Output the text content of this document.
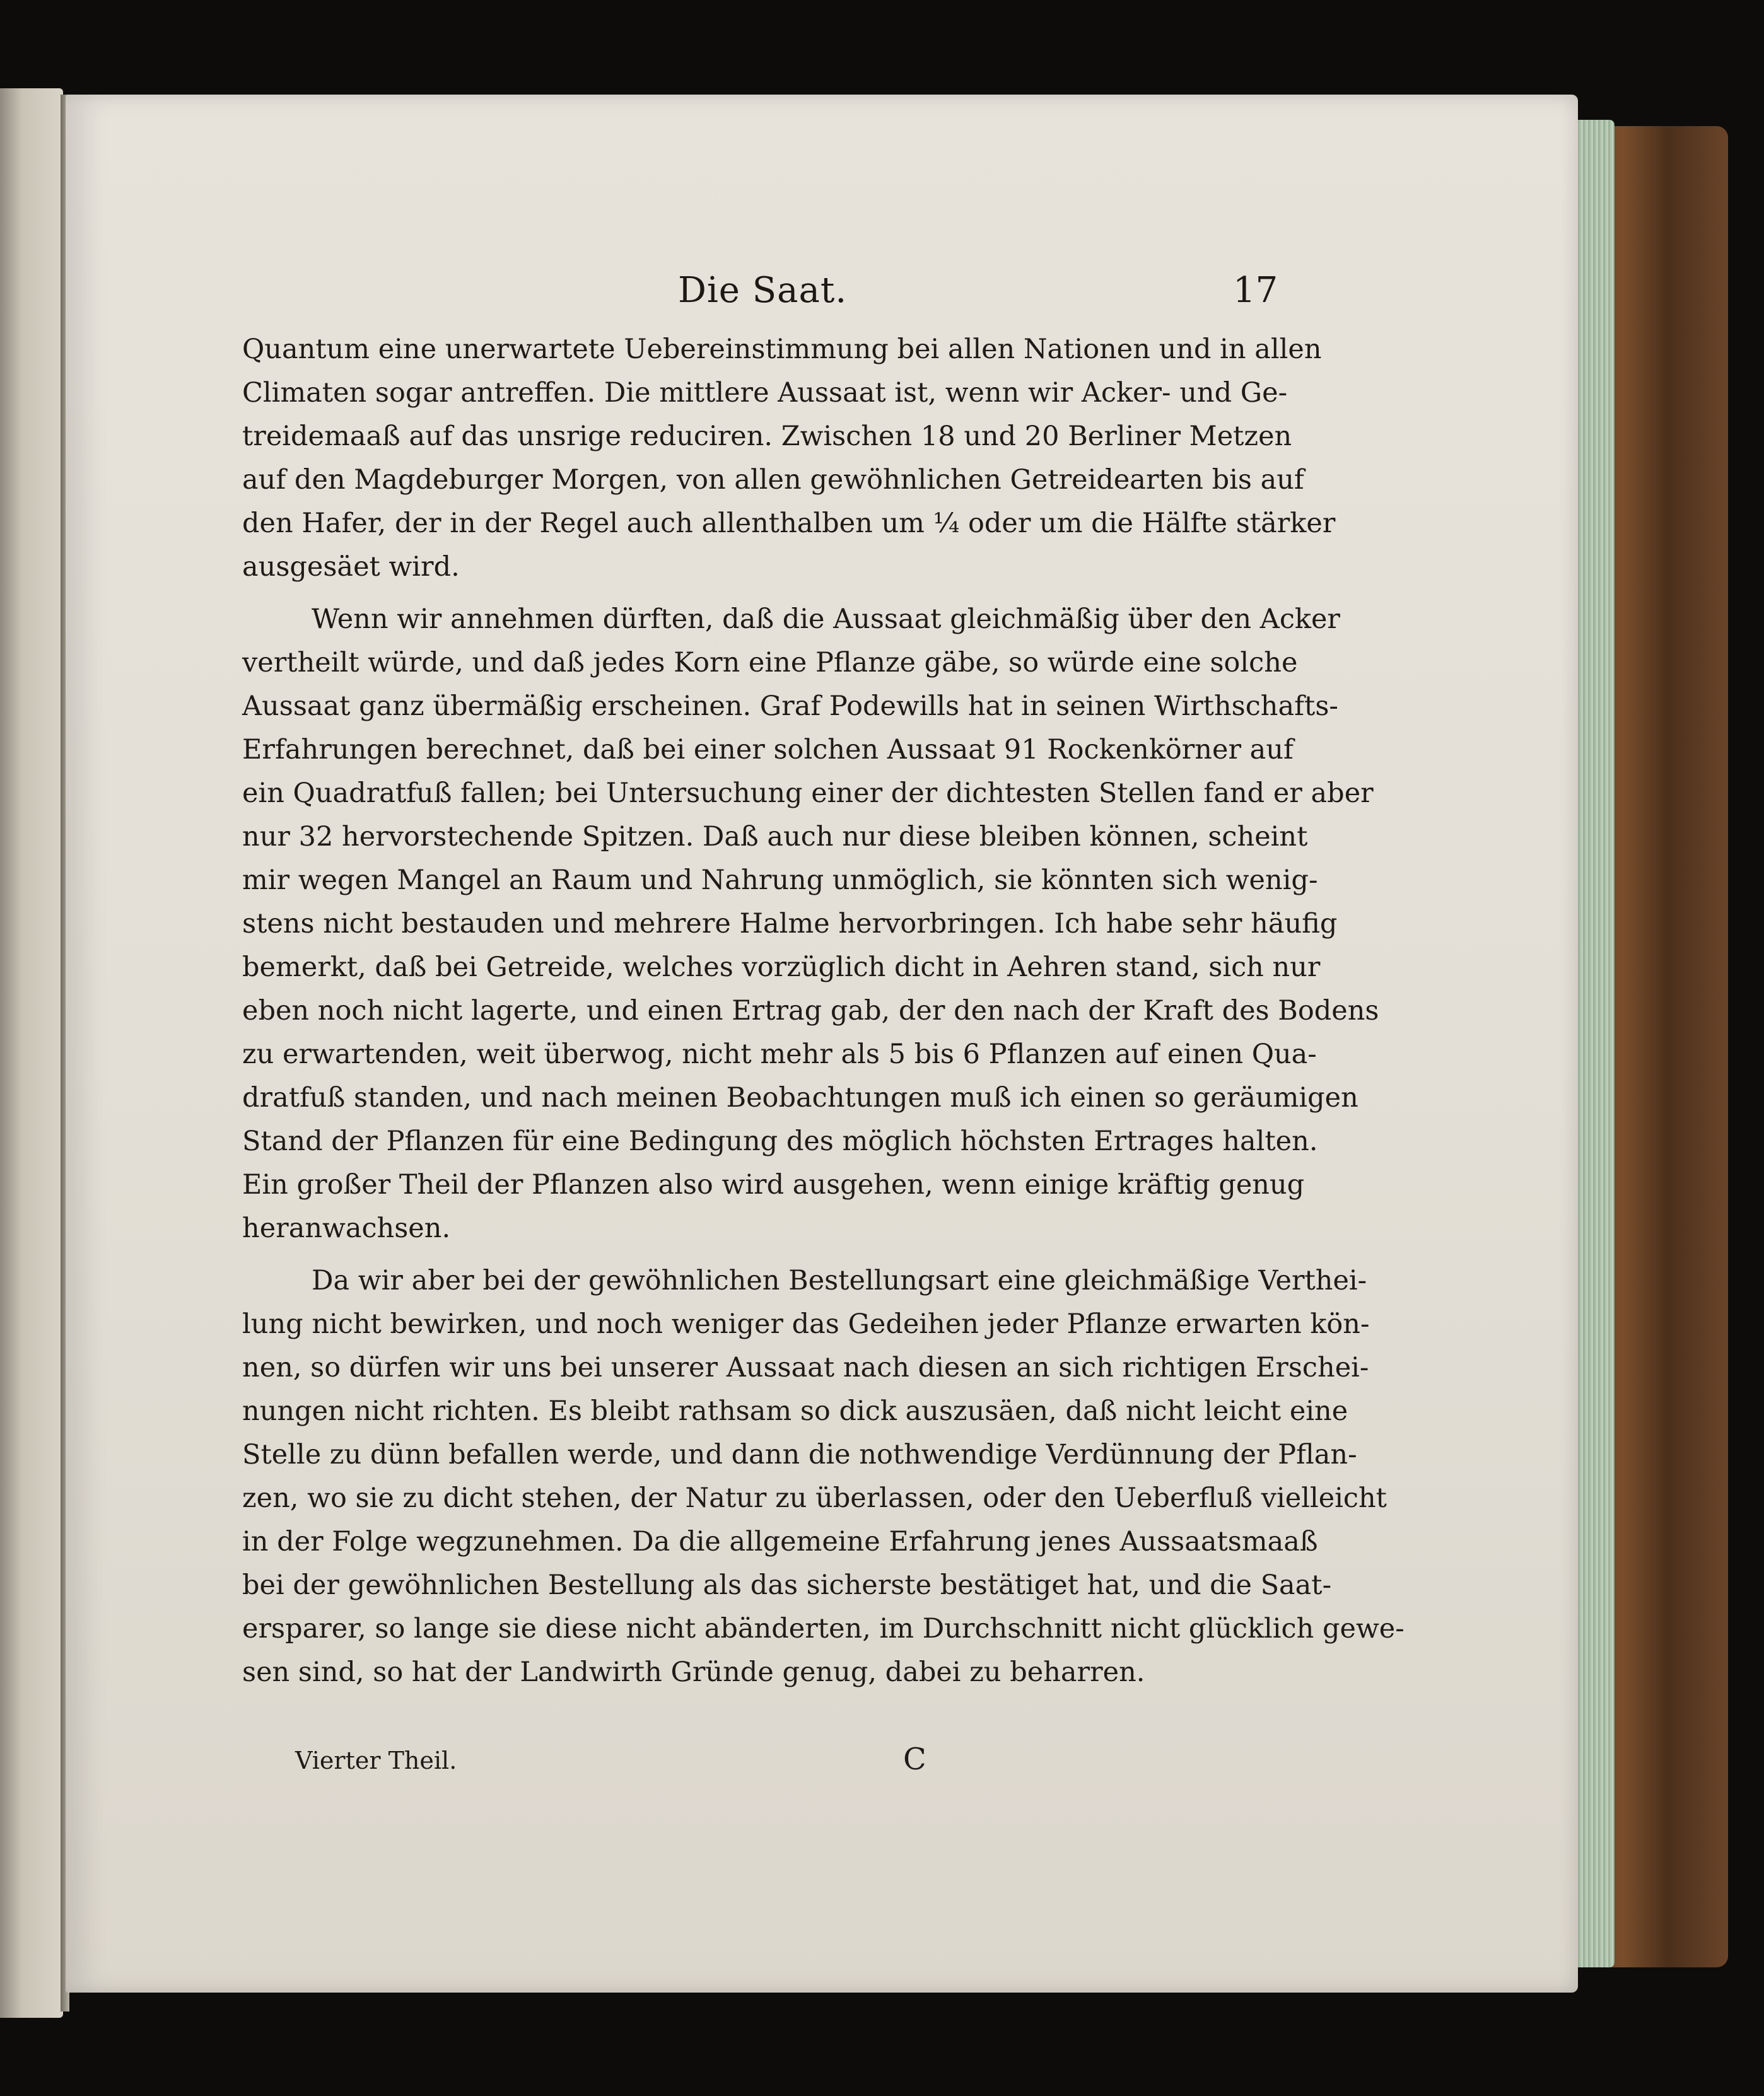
Die Saat.	17
Quantum eine unerwartete Uebereinstimmung bei allen Nationen und in allen
Climaten sogar antreffen. Die mittlere Aussaat ist, wenn wir Acker- und Ge-
treidemaaß auf das unsrige reduciren. Zwischen 18 und 20 Berliner Metzen
auf den Magdeburger Morgen, von allen gewöhnlichen Getreidearten bis auf
den Hafer, der in der Regel auch allenthalben um ¼ oder um die Hälfte stärker
ausgesäet wird.
Wenn wir annehmen dürften, daß die Aussaat gleichmäßig über den Acker
vertheilt würde, und daß jedes Korn eine Pflanze gäbe, so würde eine solche
Aussaat ganz übermäßig erscheinen. Graf Podewills hat in seinen Wirthschafts-
Erfahrungen berechnet, daß bei einer solchen Aussaat 91 Rockenkörner auf
ein Quadratfuß fallen; bei Untersuchung einer der dichtesten Stellen fand er aber
nur 32 hervorstechende Spitzen. Daß auch nur diese bleiben können, scheint
mir wegen Mangel an Raum und Nahrung unmöglich, sie könnten sich wenig-
stens nicht bestauden und mehrere Halme hervorbringen. Ich habe sehr häufig
bemerkt, daß bei Getreide, welches vorzüglich dicht in Aehren stand, sich nur
eben noch nicht lagerte, und einen Ertrag gab, der den nach der Kraft des Bodens
zu erwartenden, weit überwog, nicht mehr als 5 bis 6 Pflanzen auf einen Qua-
dratfuß standen, und nach meinen Beobachtungen muß ich einen so geräumigen
Stand der Pflanzen für eine Bedingung des möglich höchsten Ertrages halten.
Ein großer Theil der Pflanzen also wird ausgehen, wenn einige kräftig genug
heranwachsen.
Da wir aber bei der gewöhnlichen Bestellungsart eine gleichmäßige Verthei-
lung nicht bewirken, und noch weniger das Gedeihen jeder Pflanze erwarten kön-
nen, so dürfen wir uns bei unserer Aussaat nach diesen an sich richtigen Erschei-
nungen nicht richten. Es bleibt rathsam so dick auszusäen, daß nicht leicht eine
Stelle zu dünn befallen werde, und dann die nothwendige Verdünnung der Pflan-
zen, wo sie zu dicht stehen, der Natur zu überlassen, oder den Ueberfluß vielleicht
in der Folge wegzunehmen. Da die allgemeine Erfahrung jenes Aussaatsmaaß
bei der gewöhnlichen Bestellung als das sicherste bestätiget hat, und die Saat-
ersparer, so lange sie diese nicht abänderten, im Durchschnitt nicht glücklich gewe-
sen sind, so hat der Landwirth Gründe genug, dabei zu beharren.
Vierter Theil.	C
